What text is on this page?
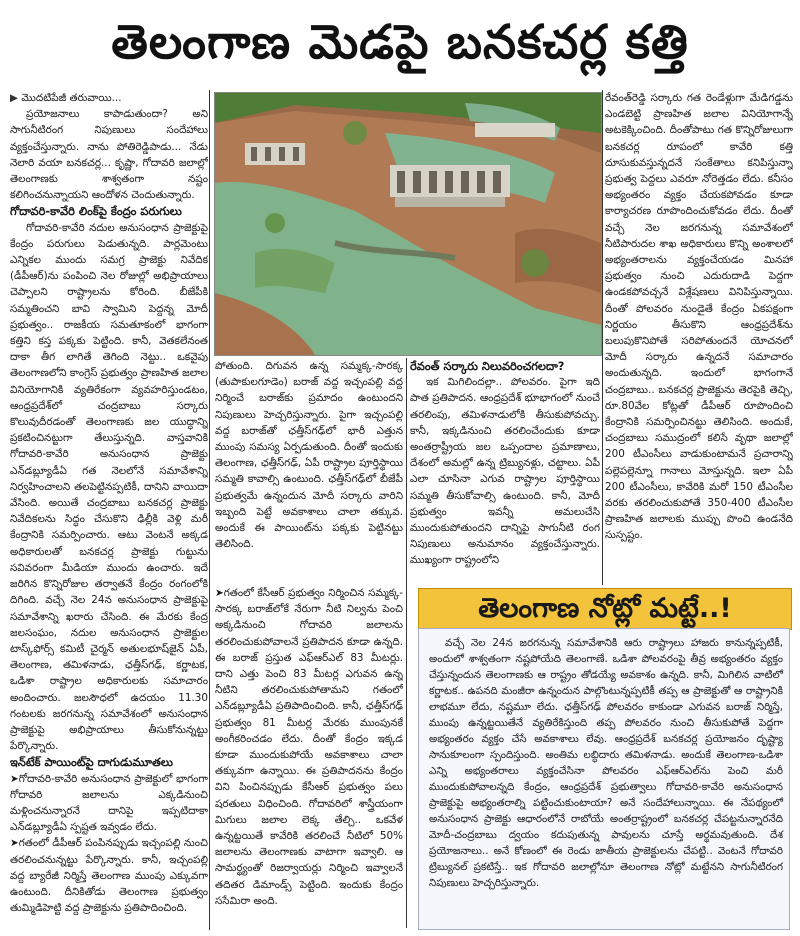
తెలంగాణ మెడపై బనకచర్ల కత్తి

▶ మొదటిపేజీ తరువాయి...

ప్రయోజనాలు కాపాడుతుందా? అని సాగునీటిరంగ నిపుణులు సందేహాలు వ్యక్తంచేస్తున్నారు. నాను పోతిరెడ్డిపాడు... నేడు నెలారి వయా బనకచర్ల... కృష్ణా, గోదావరి జలాల్లో తెలంగాణకు శాశ్వతంగా నష్టం కలిగించనున్నాయని ఆందోళన చెందుతున్నారు.

గోదావరి-కావేరి లింక్‌పై కేంద్రం పరుగులు

గోదావరి-కావేరి నదుల అనుసంధాన ప్రాజెక్టుపై కేంద్రం పరుగులు పెడుతున్నది. పార్లమెంటు ఎన్నికల ముందు సమగ్ర ప్రాజెక్టు నివేదిక (డీపీఆర్)ను పంపించి నెల రోజుల్లో అభిప్రాయాలు చెప్పాలని రాష్ట్రాలను కోరింది. బీజేపీకి సమ్మతించని బావి స్వామిని పెద్దన్న మోదీ ప్రభుత్వం.. రాజకీయ సమతూకంలో భాగంగా కత్తిని కస్త పక్కకు పెట్టింది. కానీ, వెతకలేనంత దాకా తీగ లాగితే తెగింది నెట్టు.. ఒకవైపు తెలంగాణలోని కాంగ్రెస్ ప్రభుత్వం ప్రాణహిత జలాల వినియోగానికి వ్యతిరేకంగా వ్యవహరిస్తుండటం, ఆంధ్రప్రదేశ్‌లో చంద్రబాబు సర్కారు కొలువుదీరడంతో తెలంగాణకు జల యుద్ధాన్ని ప్రకటించినట్టుగా తేలుస్తున్నది. వాస్తవానికి గోదావరి-కావేరి అనుసంధాన ప్రాజెక్టు ఎన్‌డబ్ల్యూడీఏ గత నెలలోనే సమావేశాన్ని నిర్వహించాలని తలపెట్టినప్పటికీ, దానిని వాయిదా వేసింది. అయితే చంద్రబాబు బనకచర్ల ప్రాజెక్టు నివేదికలను సిద్ధం చేసుకొని ఢిల్లీకి వెళ్లి మరీ కేంద్రానికి సమర్పించారు. ఆటు వెంటనే అక్కడ అధికారులతో బనకచర్ల ప్రాజెక్టు గుట్టును సవివరంగా మీడియా ముందు ఉంచారు. ఇదే జరిగిన కొన్నిరోజుల తర్వాతనే కేంద్రం రంగంలోకి దిగింది. వచ్చే నెల 24న అనుసంధాన ప్రాజెక్టుపై సమావేశాన్ని ఖరారు చేసింది. ఈ మేరకు కేంద్ర జలసంఘం, నదుల అనుసంధాన ప్రాజెక్టుల టాస్క్‌ఫోర్స్ కమిటీ చైర్మన్ అతులభూష్‌జైన్ ఏపీ, తెలంగాణ, తమిళనాడు, ఛత్తీస్‌గఢ్, కర్ణాటక, ఒడిశా రాష్ట్రాల అధికారులకు సమాచారం అందించారు. జలసౌధలో ఉదయం 11.30 గంటలకు జరగనున్న సమావేశంలో అనుసంధాన ప్రాజెక్టుపై అభిప్రాయాలు తీసుకోనున్నట్టు పేర్కొన్నారు.

ఇన్‌టేక్ పాయింట్‌పై దాగుడుమూతలు

➤ గోదావరి-కావేరి అనుసంధాన ప్రాజెక్టులో భాగంగా గోదావరి జలాలను ఎక్కడినుంచి మళ్లించనున్నారనే దానిపై ఇప్పటిదాకా ఎన్‌డబ్ల్యూడీఏ స్పష్టత ఇవ్వడం లేదు.

➤ గతంలో డీపీఆర్ పంపినప్పుడు ఇచ్చంపల్లి నుంచి తరలించనున్నట్టు పేర్కొన్నారు. కానీ, ఇచ్చంపల్లి వద్ద బ్యారేజీ నిర్మిస్తే తెలంగాణ ముంపు ఎక్కువగా ఉంటుంది. దీనికితోడు తెలంగాణ ప్రభుత్వం తుమ్మిడిహెట్టి వద్ద ప్రాజెక్టును ప్రతిపాదించింది.

పోతుంది. దిగువన ఉన్న సమ్మక్క-సారక్క (తుపాకులగూడెం) బరాజ్ వద్ద ఇచ్చంపల్లి వద్ద నిర్మించే బరాజ్‌కు ప్రమాదం ఉంటుందని నిపుణులు హెచ్చరిస్తున్నారు. పైగా ఇచ్చంపల్లి వద్ద బరాజ్‌తో ఛత్తీస్‌గఢ్‌లో భారీ ఎత్తున ముంపు సమస్య ఏర్పడుతుంది. దీంతో ఇందుకు తెలంగాణ, ఛత్తీస్‌గఢ్, ఏపీ రాష్ట్రాల పూర్తిస్థాయి సమ్మతి కావాల్సి ఉంటుంది. ఛత్తీస్‌గఢ్‌లో బీజేపీ ప్రభుత్వమే ఉన్నందున మోదీ సర్కారు వారిని ఇబ్బంది పెట్టే అవకాశాలు చాలా తక్కువ. అందుకే ఈ పాయింట్‌ను పక్కకు పెట్టినట్టు తెలిసింది.

➤ గతంలో కేసీఆర్ ప్రభుత్వం నిర్మించిన సమ్మక్క-సారక్క బరాజ్‌లోకే నేరుగా నీటి నిల్వను పెంచి అక్కడినుంచి గోదావరి జలాలను తరలించుకుపోవాలనే ప్రతిపాదన కూడా ఉన్నది. ఈ బరాజ్ ప్రస్తుత ఎఫ్‌ఆర్‌ఎల్ 83 మీటర్లు. దాని ఎత్తు పెంచి 83 మీటర్ల ఎగువన ఉన్న నీటిని తరలించుకుపోతామని గతంలో ఎన్‌డబ్ల్యూడీఏ ప్రతిపాదించింది. కానీ, ఛత్తీస్‌గఢ్ ప్రభుత్వం 81 మీటర్ల మేరకు ముంపునకే అంగీకరించడం లేదు. దీంతో కేంద్రం ఇక్కడ కూడా ముందుకుపోయే అవకాశాలు చాలా తక్కువగా ఉన్నాయి. ఈ ప్రతిపాదనను కేంద్రం విని పించినప్పుడు కేసీఆర్ ప్రభుత్వం పలు షరతులు విధించింది. గోదావరిలో శాస్త్రీయంగా మిగులు జలాల లెక్క తేల్చి.. ఒకవేళ ఉన్నట్టయితే కావేరికి తరలించే నీటిలో 50% జలాలను తెలంగాణకు వాటాగా ఇవ్వాలి. ఆ సామర్థ్యంతో రిజర్వాయర్లు నిర్మించి ఇవ్వాలనే తదితర డిమాండ్స్ పెట్టింది. ఇందుకు కేంద్రం ససేమిరా అంది.

రేవంత్ సర్కారు నిలువరించగలదా?

ఇక మిగిలిందల్లా.. పోలవరం. పైగా ఇది పాత ప్రతిపాదన. ఆంధ్రప్రదేశ్ భూభాగంలో నుంచే తరలింపు, తమిళనాడులోకి తీసుకుపోవచ్చు. కానీ, ఇక్కడినుంచి తరలించేందుకు కూడా అంతర్రాష్ట్రీయ జల ఒప్పందాల ప్రమాణాలు, దేశంలో అమల్లో ఉన్న ట్రిబ్యునళ్లు, చట్టాలు. ఏపీ ఎలా చూసినా ఎగువ రాష్ట్రాల పూర్తిస్థాయి సమ్మతి తీసుకోవాల్సి ఉంటుంది. కానీ, మోదీ ప్రభుత్వం ఇవన్నీ అమలుచేసి ముందుకుపోతుందని దాన్నిపై సాగునీటి రంగ నిపుణులు అనుమానం వ్యక్తంచేస్తున్నారు. ముఖ్యంగా రాష్ట్రంలోని

రేవంత్‌రెడ్డి సర్కారు గత రెండేళ్లుగా మేడిగడ్డను ఎండబెట్టి ప్రాణహిత జలాల వినియోగాన్నే అటకెక్కించింది. దీంతోపాటు గత కొన్నిరోజులుగా బనకచర్ల రూపంలో కావేరి కత్తి దూసుకువస్తున్నదనే సంకేతాలు కనిపిస్తున్నా ప్రభుత్వ పెద్దలు ఎవరూ నోరెత్తడం లేదు. కనీసం అభ్యంతరం వ్యక్తం చేయకపోవడం కూడా కార్యాచరణ రూపొందించుకోవడం లేదు. దీంతో వచ్చే నెల జరగనున్న సమావేశంలో నీటిపారుదల శాఖ అధికారులు కొన్ని అంశాలలో అభ్యంతరాలను వ్యక్తంచేయడం మినహా ప్రభుత్వం నుంచి ఎదురుదాడి పెద్దగా ఉండకపోవచ్చనే విశ్లేషణలు వినిపిస్తున్నాయి. దీంతో పోలవరం నుండైతే కేంద్రం ఏకపక్షంగా నిర్ణయం తీసుకొని ఆంధ్రప్రదేశ్‌ను బలుపుకొనిపోతే సరిపోతుందనే యోచనలో మోదీ సర్కారు ఉన్నదనే సమాచారం అందుతున్నది. ఇందులో భాగంగానే చంద్రబాబు.. బనకచర్ల ప్రాజెక్టును తెరపైకి తెచ్చి, రూ.80వేల కోట్లతో డీపీఆర్ రూపొందించి కేంద్రానికి సమర్పించినట్టు తెలిసింది. అందుకే, చంద్రబాబు సముద్రంలో కలిసే వృథా జలాల్లో 200 టీఎంసీలు వాడుకుంటామనే ప్రచారాన్ని పల్లెపల్లెన్నూ గానాలు మోస్తున్నది. ఇలా ఏపీ 200 టీఎంసీలు, కావేరికి మరో 150 టీఎంసీల వరకు తరలించుకుపోతే 350-400 టీఎంసీల ప్రాణహిత జలాలకు ముప్పు పొంచి ఉండనేది సుస్పష్టం.

తెలంగాణ నోట్లో మట్టే..!

వచ్చే నెల 24న జరగనున్న సమావేశానికి ఆరు రాష్ట్రాలు హాజరు కానున్నప్పటికీ, అందులో శాశ్వతంగా నష్టపోయేది తెలంగాణే. ఒడిశా పోలవరంపై తీవ్ర అభ్యంతరం వ్యక్తం చేస్తున్నందున తెలంగాణకు ఆ రాష్ట్రం తోడయ్యే అవకాశం ఉన్నది. కానీ, మిగిలిన వాటిలో కర్ణాటక.. ఉపనది మంజీరా ఉన్నందున పాల్గొంటున్నప్పటికీ తప్ప ఆ ప్రాజెక్టుతో ఆ రాష్ట్రానికి లాభమూ లేదు, నష్టమూ లేదు. ఛత్తీస్‌గఢ్ పోలవరం కాకుండా ఎగువన బరాజ్ నిర్మిస్తే, ముంపు ఉన్నట్టయితేనే వ్యతిరేకిస్తుంది తప్ప పోలవరం నుంచి తీసుకుపోతే పెద్దగా అభ్యంతరం వ్యక్తం చేసే అవకాశాలు లేవు. ఆంధ్రప్రదేశ్ బనకచర్ల ప్రయోజనం దృష్ట్యా సానుకూలంగా స్పందిస్తుంది. అంతిమ లబ్ధిదారు తమిళనాడు. అందుకే తెలంగాణ-ఒడిశా ఎన్ని అభ్యంతరాలు వ్యక్తంచేసినా పోలవరం ఎఫ్‌ఆర్‌ఎల్‌ను పెంచి మరీ ముందుకుపోవాలన్నది కేంద్రం, ఆంధ్రప్రదేశ్ ప్రభుత్వాలు గోదావరి-కావేరి అనుసంధాన ప్రాజెక్టుపై అభ్యంతరాల్ని పట్టించుకుంటాయా? అనే సందేహాలున్నాయి. ఈ నేపథ్యంలో అనుసంధాన ప్రాజెక్టు ఆధారంలోనే రాబోయే అంతర్రాష్ట్రంలో బనకచర్ల చేపట్టనున్నారనేది మోదీ-చంద్రబాబు ద్వయం కదుపుతున్న పావులను చూస్తే అర్థమవుతుంది. దేశ ప్రయోజనాలు.. అనే కోణంలో ఈ రెండు జాతీయ ప్రాజెక్టులను చేపట్టి.. వెంటనే గోదావరి ట్రిబ్యునల్ ప్రకటిస్తే.. ఇక గోదావరి జలాల్లోనూ తెలంగాణ నోట్లో మట్టేనని సాగునీటిరంగ నిపుణులు హెచ్చరిస్తున్నారు.
